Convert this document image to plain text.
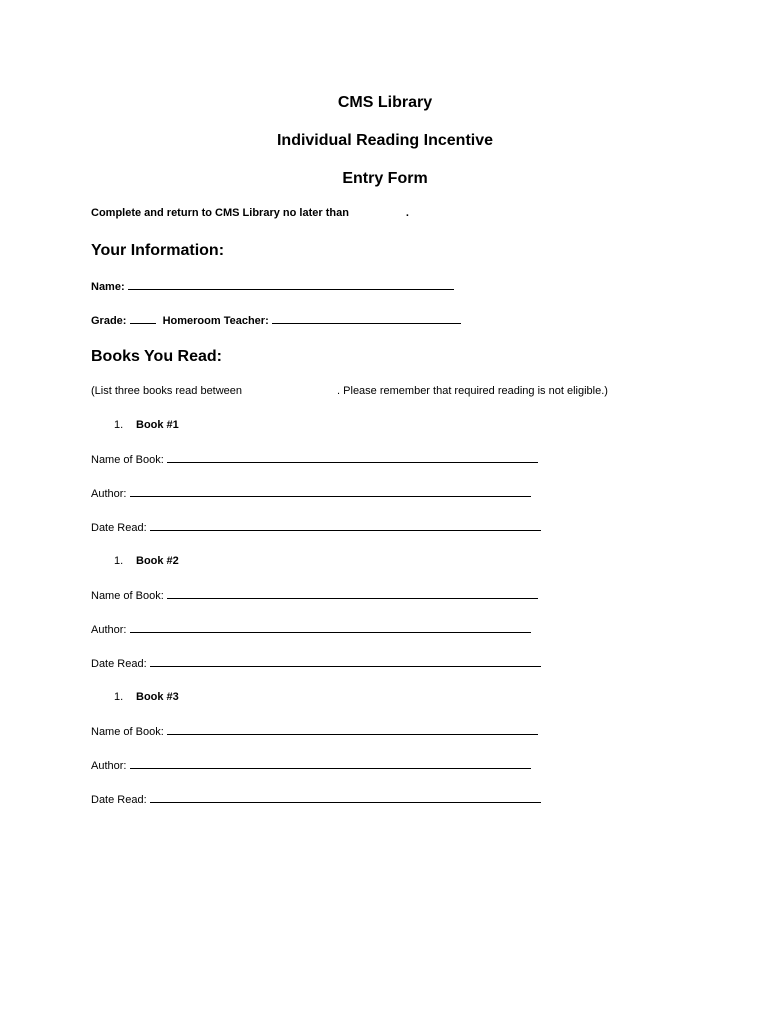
CMS Library
Individual Reading Incentive
Entry Form
Complete and return to CMS Library no later than	.
Your Information:
Name:
Grade:	Homeroom Teacher:
Books You Read:
(List three books read between	. Please remember that required reading is not eligible.)
1. Book #1
Name of Book:
Author:
Date Read:
1. Book #2
Name of Book:
Author:
Date Read:
1. Book #3
Name of Book:
Author:
Date Read:
